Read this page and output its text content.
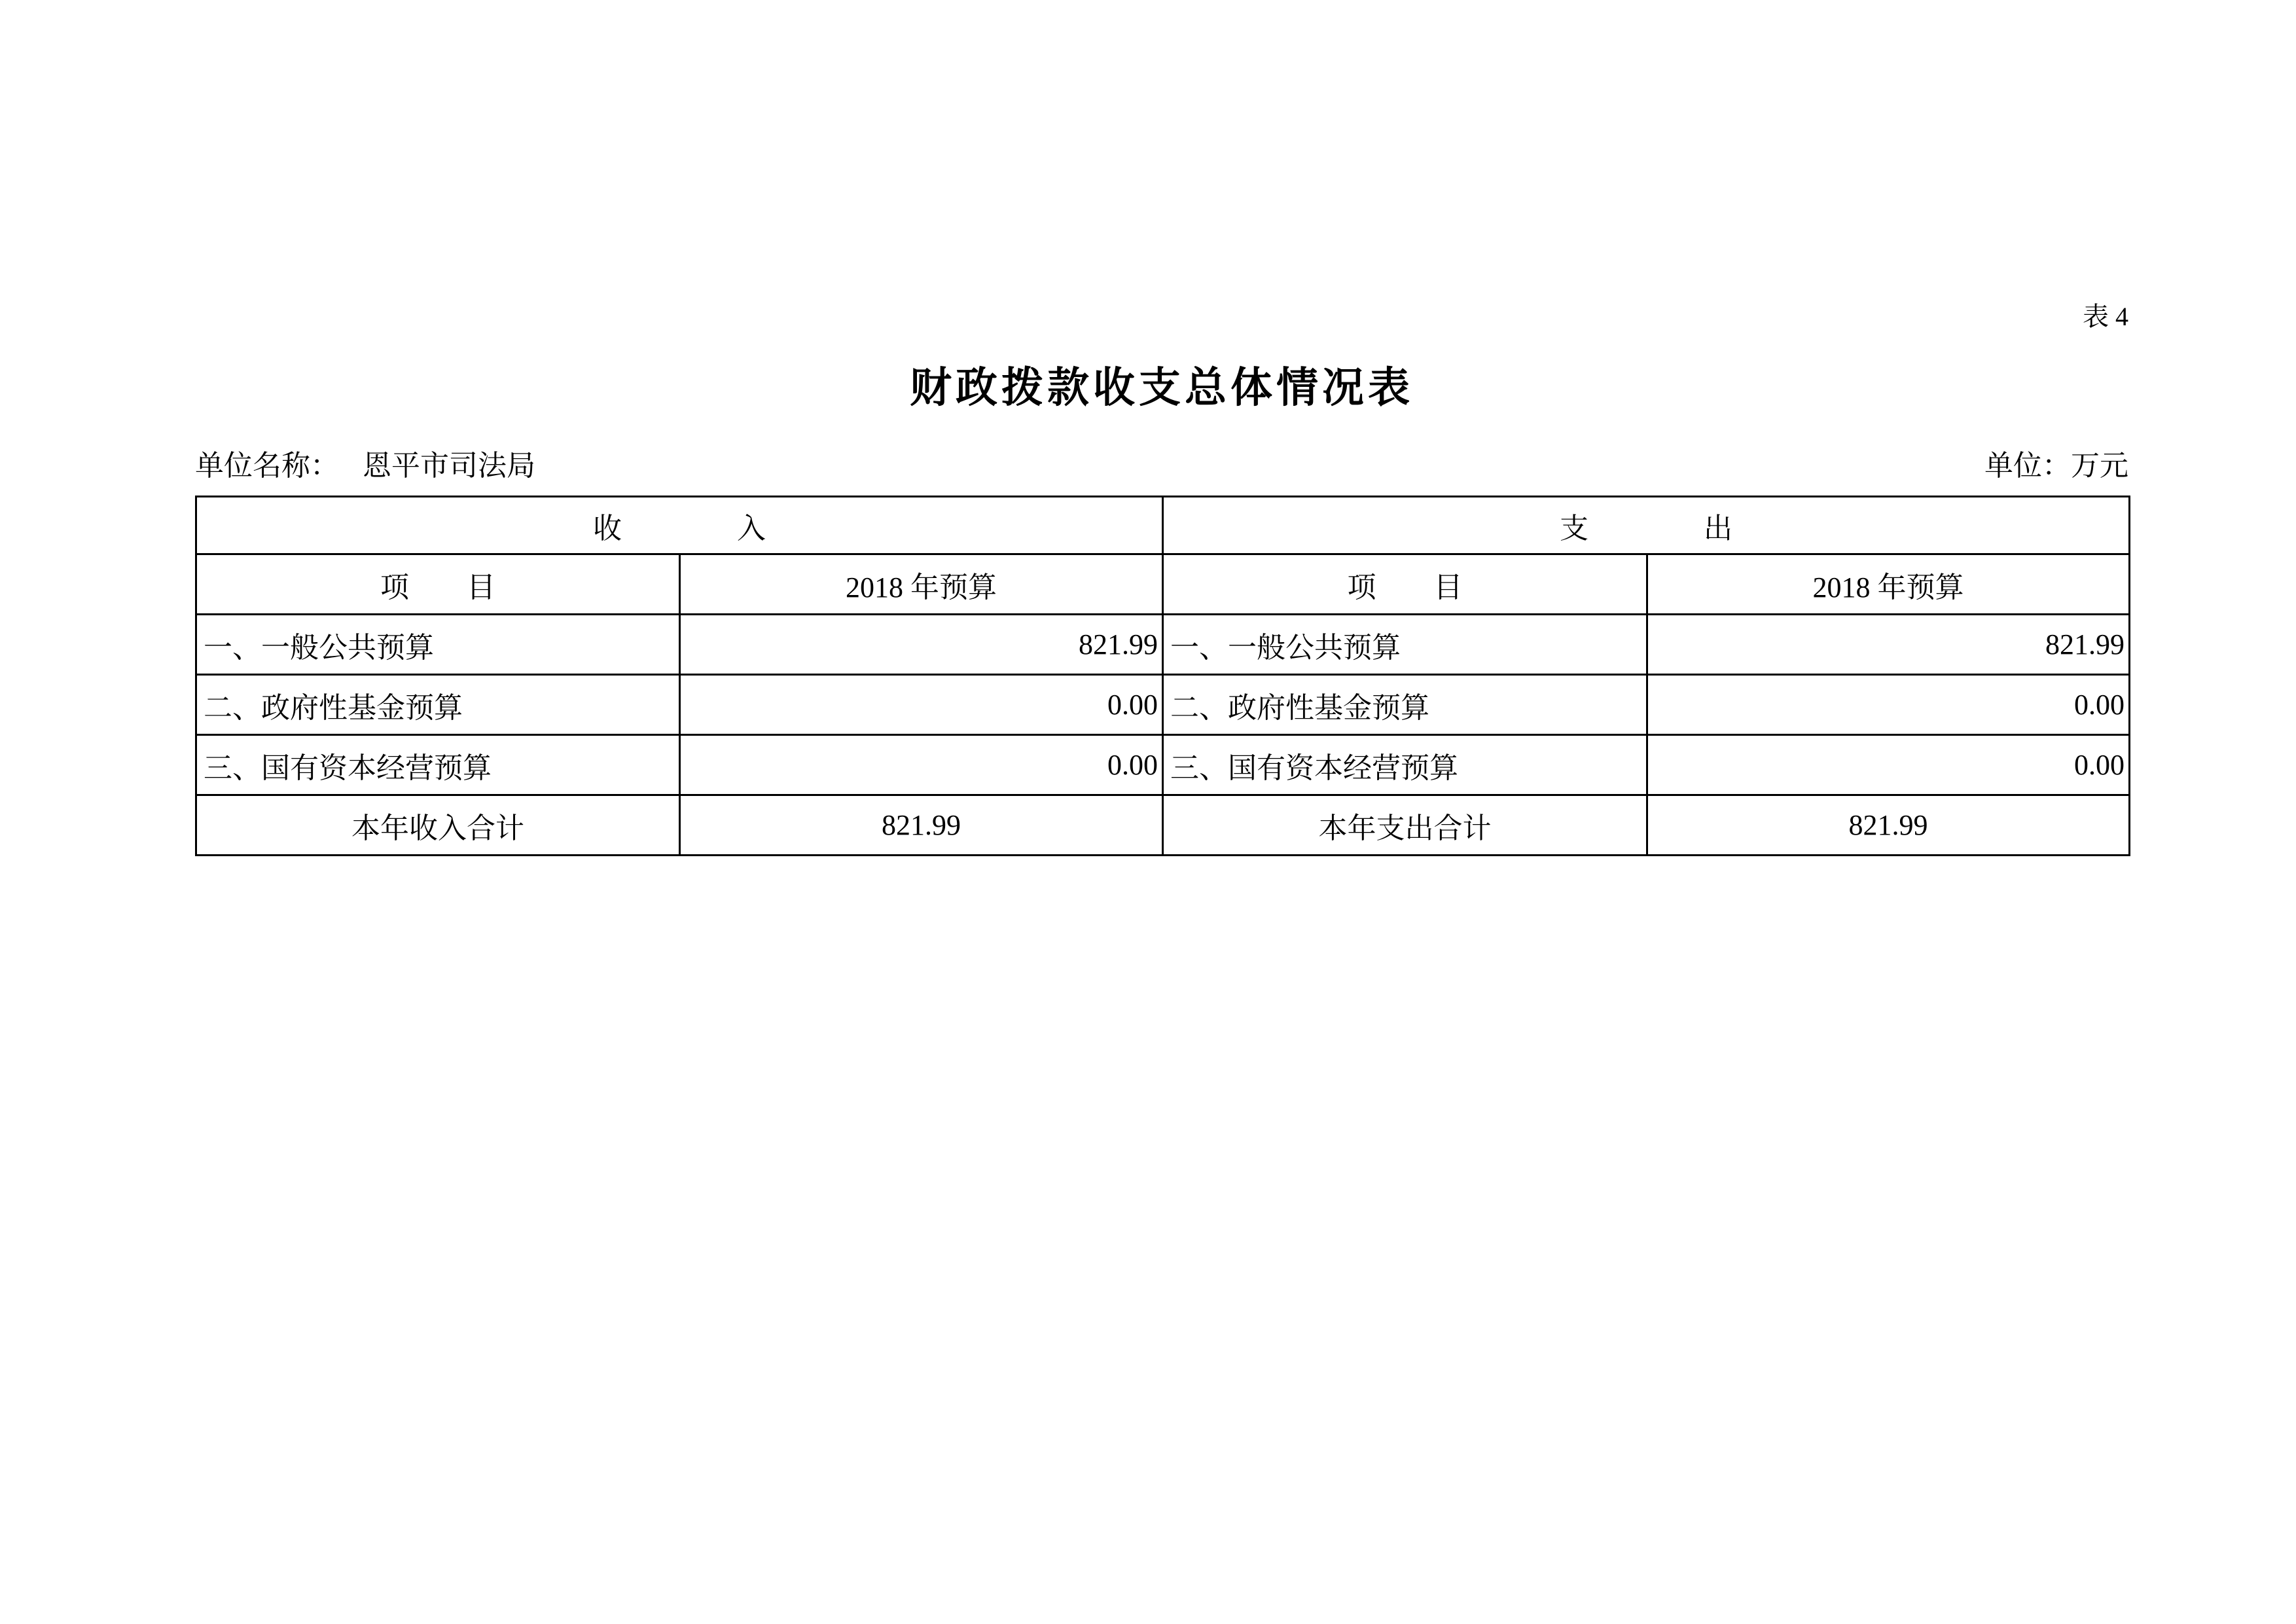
表 4
财政拨款收支总体情况表
单位名称： 恩平市司法局	单位：万元
收　　　　入		支　　　　出	
项　　目	2018 年预算	项　　目	2018 年预算
一、一般公共预算	821.99	一、一般公共预算	821.99
二、政府性基金预算	0.00	二、政府性基金预算	0.00
三、国有资本经营预算	0.00	三、国有资本经营预算	0.00
本年收入合计	821.99	本年支出合计	821.99
